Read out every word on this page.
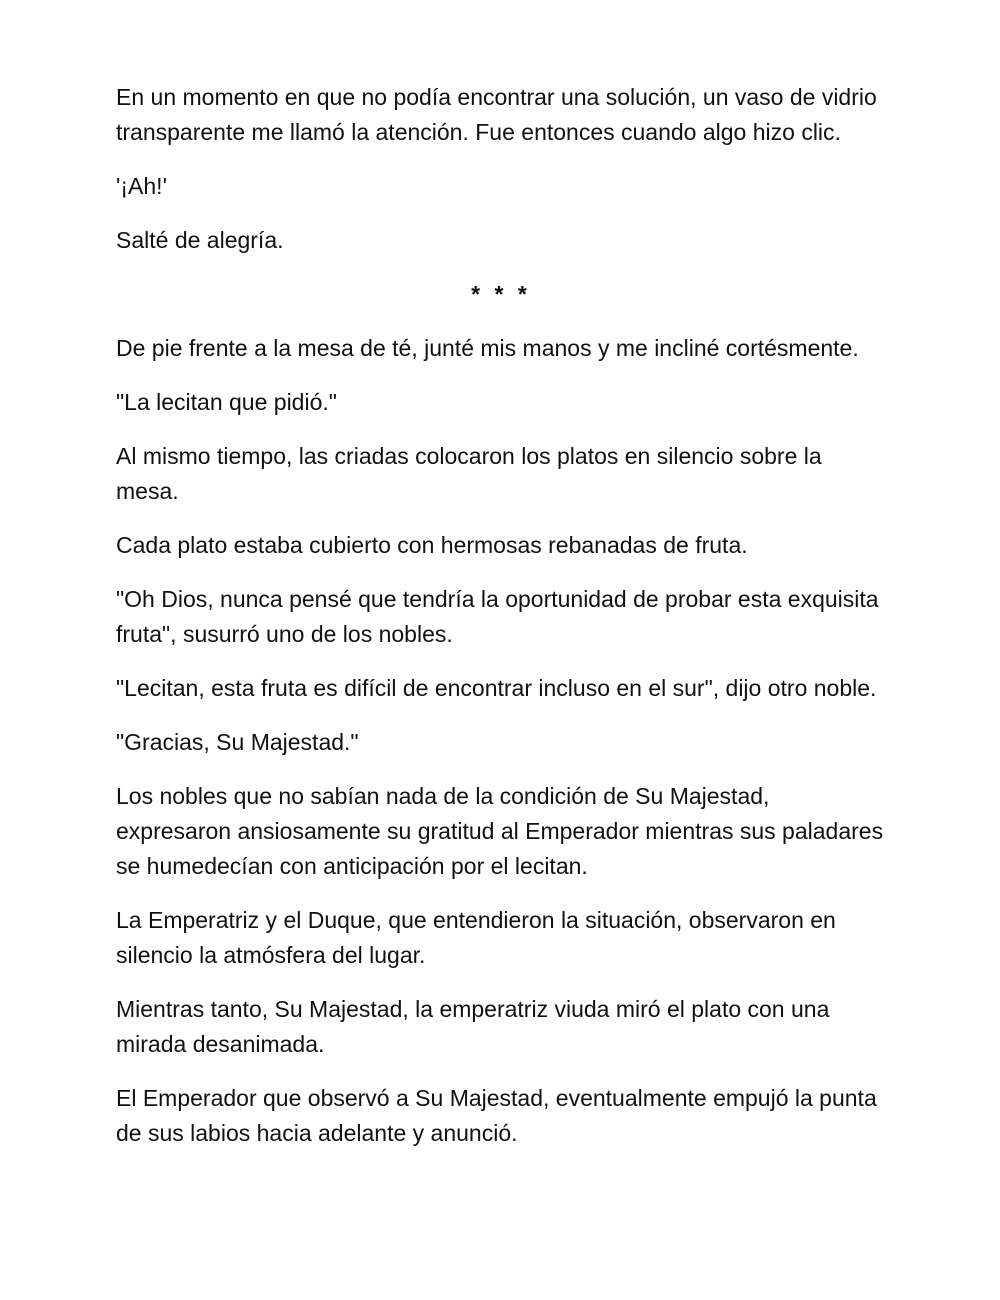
En un momento en que no podía encontrar una solución, un vaso de vidrio transparente me llamó la atención. Fue entonces cuando algo hizo clic.

'¡Ah!'

Salté de alegría.

* * *

De pie frente a la mesa de té, junté mis manos y me incliné cortésmente.

"La lecitan que pidió."

Al mismo tiempo, las criadas colocaron los platos en silencio sobre la mesa.

Cada plato estaba cubierto con hermosas rebanadas de fruta.

"Oh Dios, nunca pensé que tendría la oportunidad de probar esta exquisita fruta", susurró uno de los nobles.

"Lecitan, esta fruta es difícil de encontrar incluso en el sur", dijo otro noble.

"Gracias, Su Majestad."

Los nobles que no sabían nada de la condición de Su Majestad, expresaron ansiosamente su gratitud al Emperador mientras sus paladares se humedecían con anticipación por el lecitan.

La Emperatriz y el Duque, que entendieron la situación, observaron en silencio la atmósfera del lugar.

Mientras tanto, Su Majestad, la emperatriz viuda miró el plato con una mirada desanimada.

El Emperador que observó a Su Majestad, eventualmente empujó la punta de sus labios hacia adelante y anunció.
